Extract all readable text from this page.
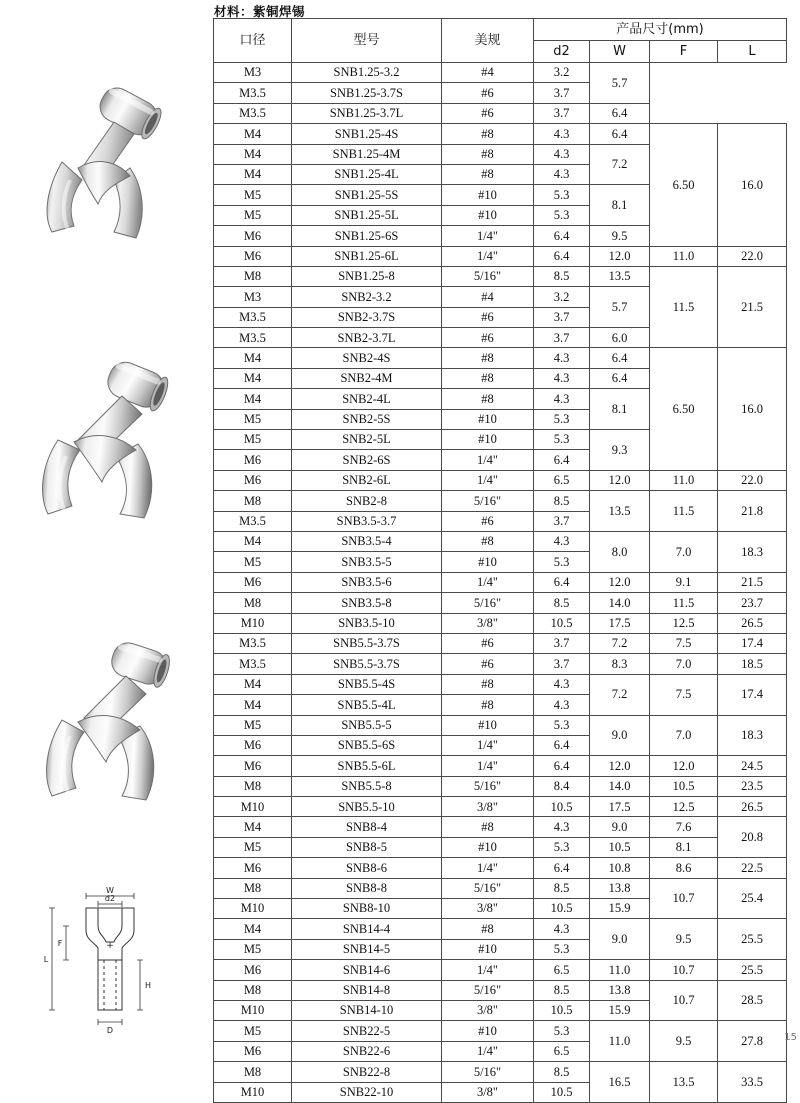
W
d2
F
L
H
D
+
材料：紫铜焊锡
口径	型号	美规	产品尺寸(mm)			
			d2	W	F	L
M3	SNB1.25-3.2	#4	3.2	5.7		
M3.5	SNB1.25-3.7S	#6	3.7			
M3.5	SNB1.25-3.7L	#6	3.7	6.4		
M4	SNB1.25-4S	#8	4.3	6.4	6.50	16.0
M4	SNB1.25-4M	#8	4.3	7.2		
M4	SNB1.25-4L	#8	4.3			
M5	SNB1.25-5S	#10	5.3	8.1		
M5	SNB1.25-5L	#10	5.3			
M6	SNB1.25-6S	1/4"	6.4	9.5		
M6	SNB1.25-6L	1/4"	6.4	12.0	11.0	22.0
M8	SNB1.25-8	5/16"	8.5	13.5	11.5	21.5
M3	SNB2-3.2	#4	3.2	5.7		
M3.5	SNB2-3.7S	#6	3.7			
M3.5	SNB2-3.7L	#6	3.7	6.0		
M4	SNB2-4S	#8	4.3	6.4	6.50	16.0
M4	SNB2-4M	#8	4.3	6.4		
M4	SNB2-4L	#8	4.3	8.1		
M5	SNB2-5S	#10	5.3			
M5	SNB2-5L	#10	5.3	9.3		
M6	SNB2-6S	1/4"	6.4			
M6	SNB2-6L	1/4"	6.5	12.0	11.0	22.0
M8	SNB2-8	5/16"	8.5	13.5	11.5	21.8
M3.5	SNB3.5-3.7	#6	3.7			
M4	SNB3.5-4	#8	4.3	8.0	7.0	18.3
M5	SNB3.5-5	#10	5.3			
M6	SNB3.5-6	1/4"	6.4	12.0	9.1	21.5
M8	SNB3.5-8	5/16"	8.5	14.0	11.5	23.7
M10	SNB3.5-10	3/8"	10.5	17.5	12.5	26.5
M3.5	SNB5.5-3.7S	#6	3.7	7.2	7.5	17.4
M3.5	SNB5.5-3.7S	#6	3.7	8.3	7.0	18.5
M4	SNB5.5-4S	#8	4.3	7.2	7.5	17.4
M4	SNB5.5-4L	#8	4.3			
M5	SNB5.5-5	#10	5.3	9.0	7.0	18.3
M6	SNB5.5-6S	1/4"	6.4			
M6	SNB5.5-6L	1/4"	6.4	12.0	12.0	24.5
M8	SNB5.5-8	5/16"	8.4	14.0	10.5	23.5
M10	SNB5.5-10	3/8"	10.5	17.5	12.5	26.5
M4	SNB8-4	#8	4.3	9.0	7.6	20.8
M5	SNB8-5	#10	5.3	10.5	8.1	
M6	SNB8-6	1/4"	6.4	10.8	8.6	22.5
M8	SNB8-8	5/16"	8.5	13.8	10.7	25.4
M10	SNB8-10	3/8"	10.5	15.9		
M4	SNB14-4	#8	4.3	9.0	9.5	25.5
M5	SNB14-5	#10	5.3			
M6	SNB14-6	1/4"	6.5	11.0	10.7	25.5
M8	SNB14-8	5/16"	8.5	13.8	10.7	28.5
M10	SNB14-10	3/8"	10.5	15.9		
M5	SNB22-5	#10	5.3	11.0	9.5	27.8
M6	SNB22-6	1/4"	6.5			
M8	SNB22-8	5/16"	8.5	16.5	13.5	33.5
M10	SNB22-10	3/8"	10.5			
15
